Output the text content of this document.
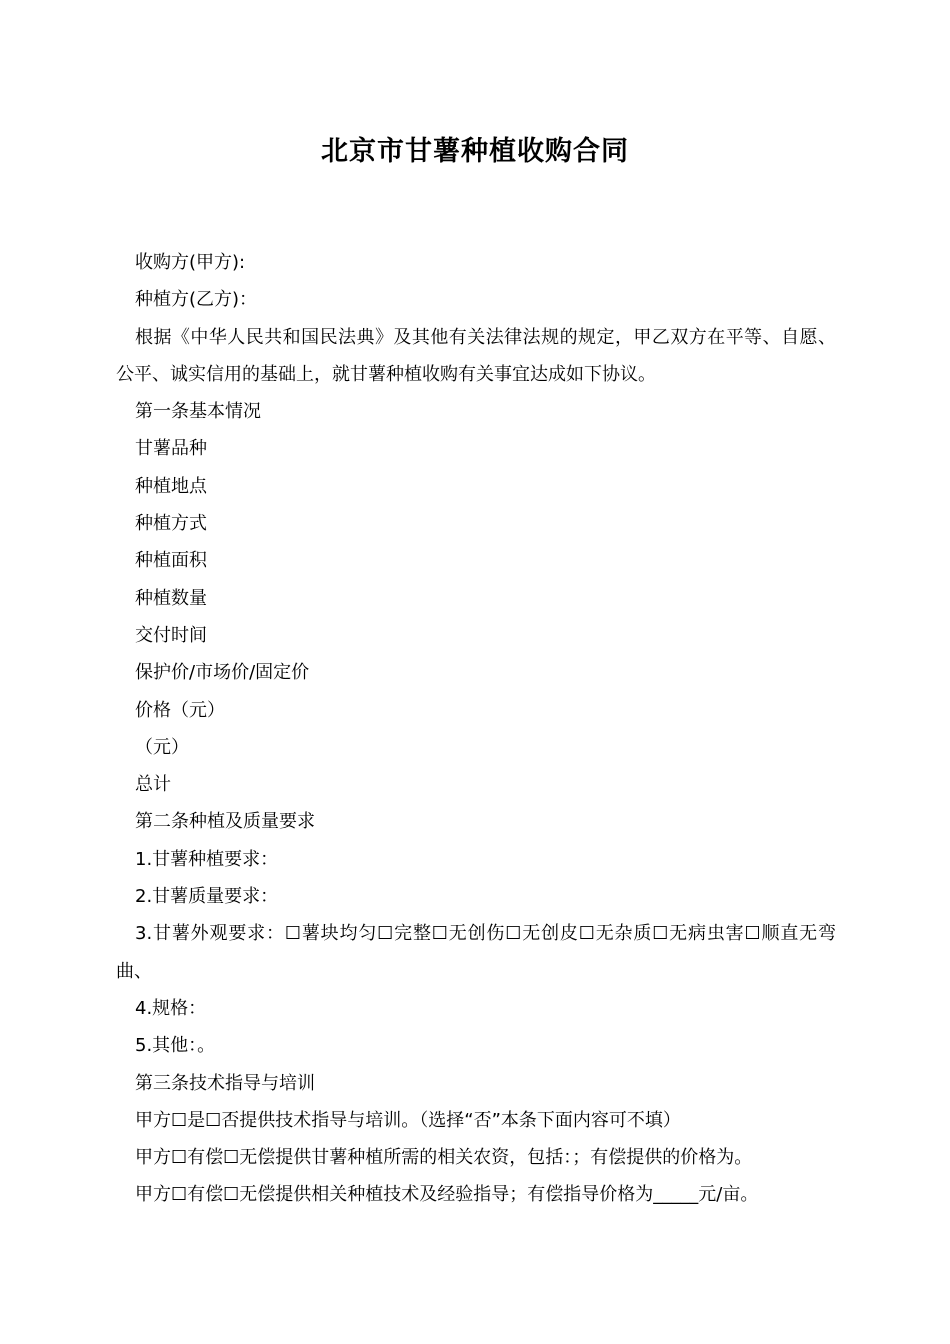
北京市甘薯种植收购合同

收购方(甲方):

种植方(乙方)：

根据《中华人民共和国民法典》及其他有关法律法规的规定，甲乙双方在平等、自愿、公平、诚实信用的基础上，就甘薯种植收购有关事宜达成如下协议。

第一条基本情况

甘薯品种

种植地点

种植方式

种植面积

种植数量

交付时间

保护价/市场价/固定价

价格（元）

（元）

总计

第二条种植及质量要求

1.甘薯种植要求：

2.甘薯质量要求：

3.甘薯外观要求：☐薯块均匀☐完整☐无创伤☐无创皮☐无杂质☐无病虫害☐顺直无弯曲、

4.规格：

5.其他：。

第三条技术指导与培训

甲方☐是☐否提供技术指导与培训。（选择“否”本条下面内容可不填）

甲方☐有偿☐无偿提供甘薯种植所需的相关农资，包括：；有偿提供的价格为。

甲方☐有偿☐无偿提供相关种植技术及经验指导；有偿指导价格为_____元/亩。
